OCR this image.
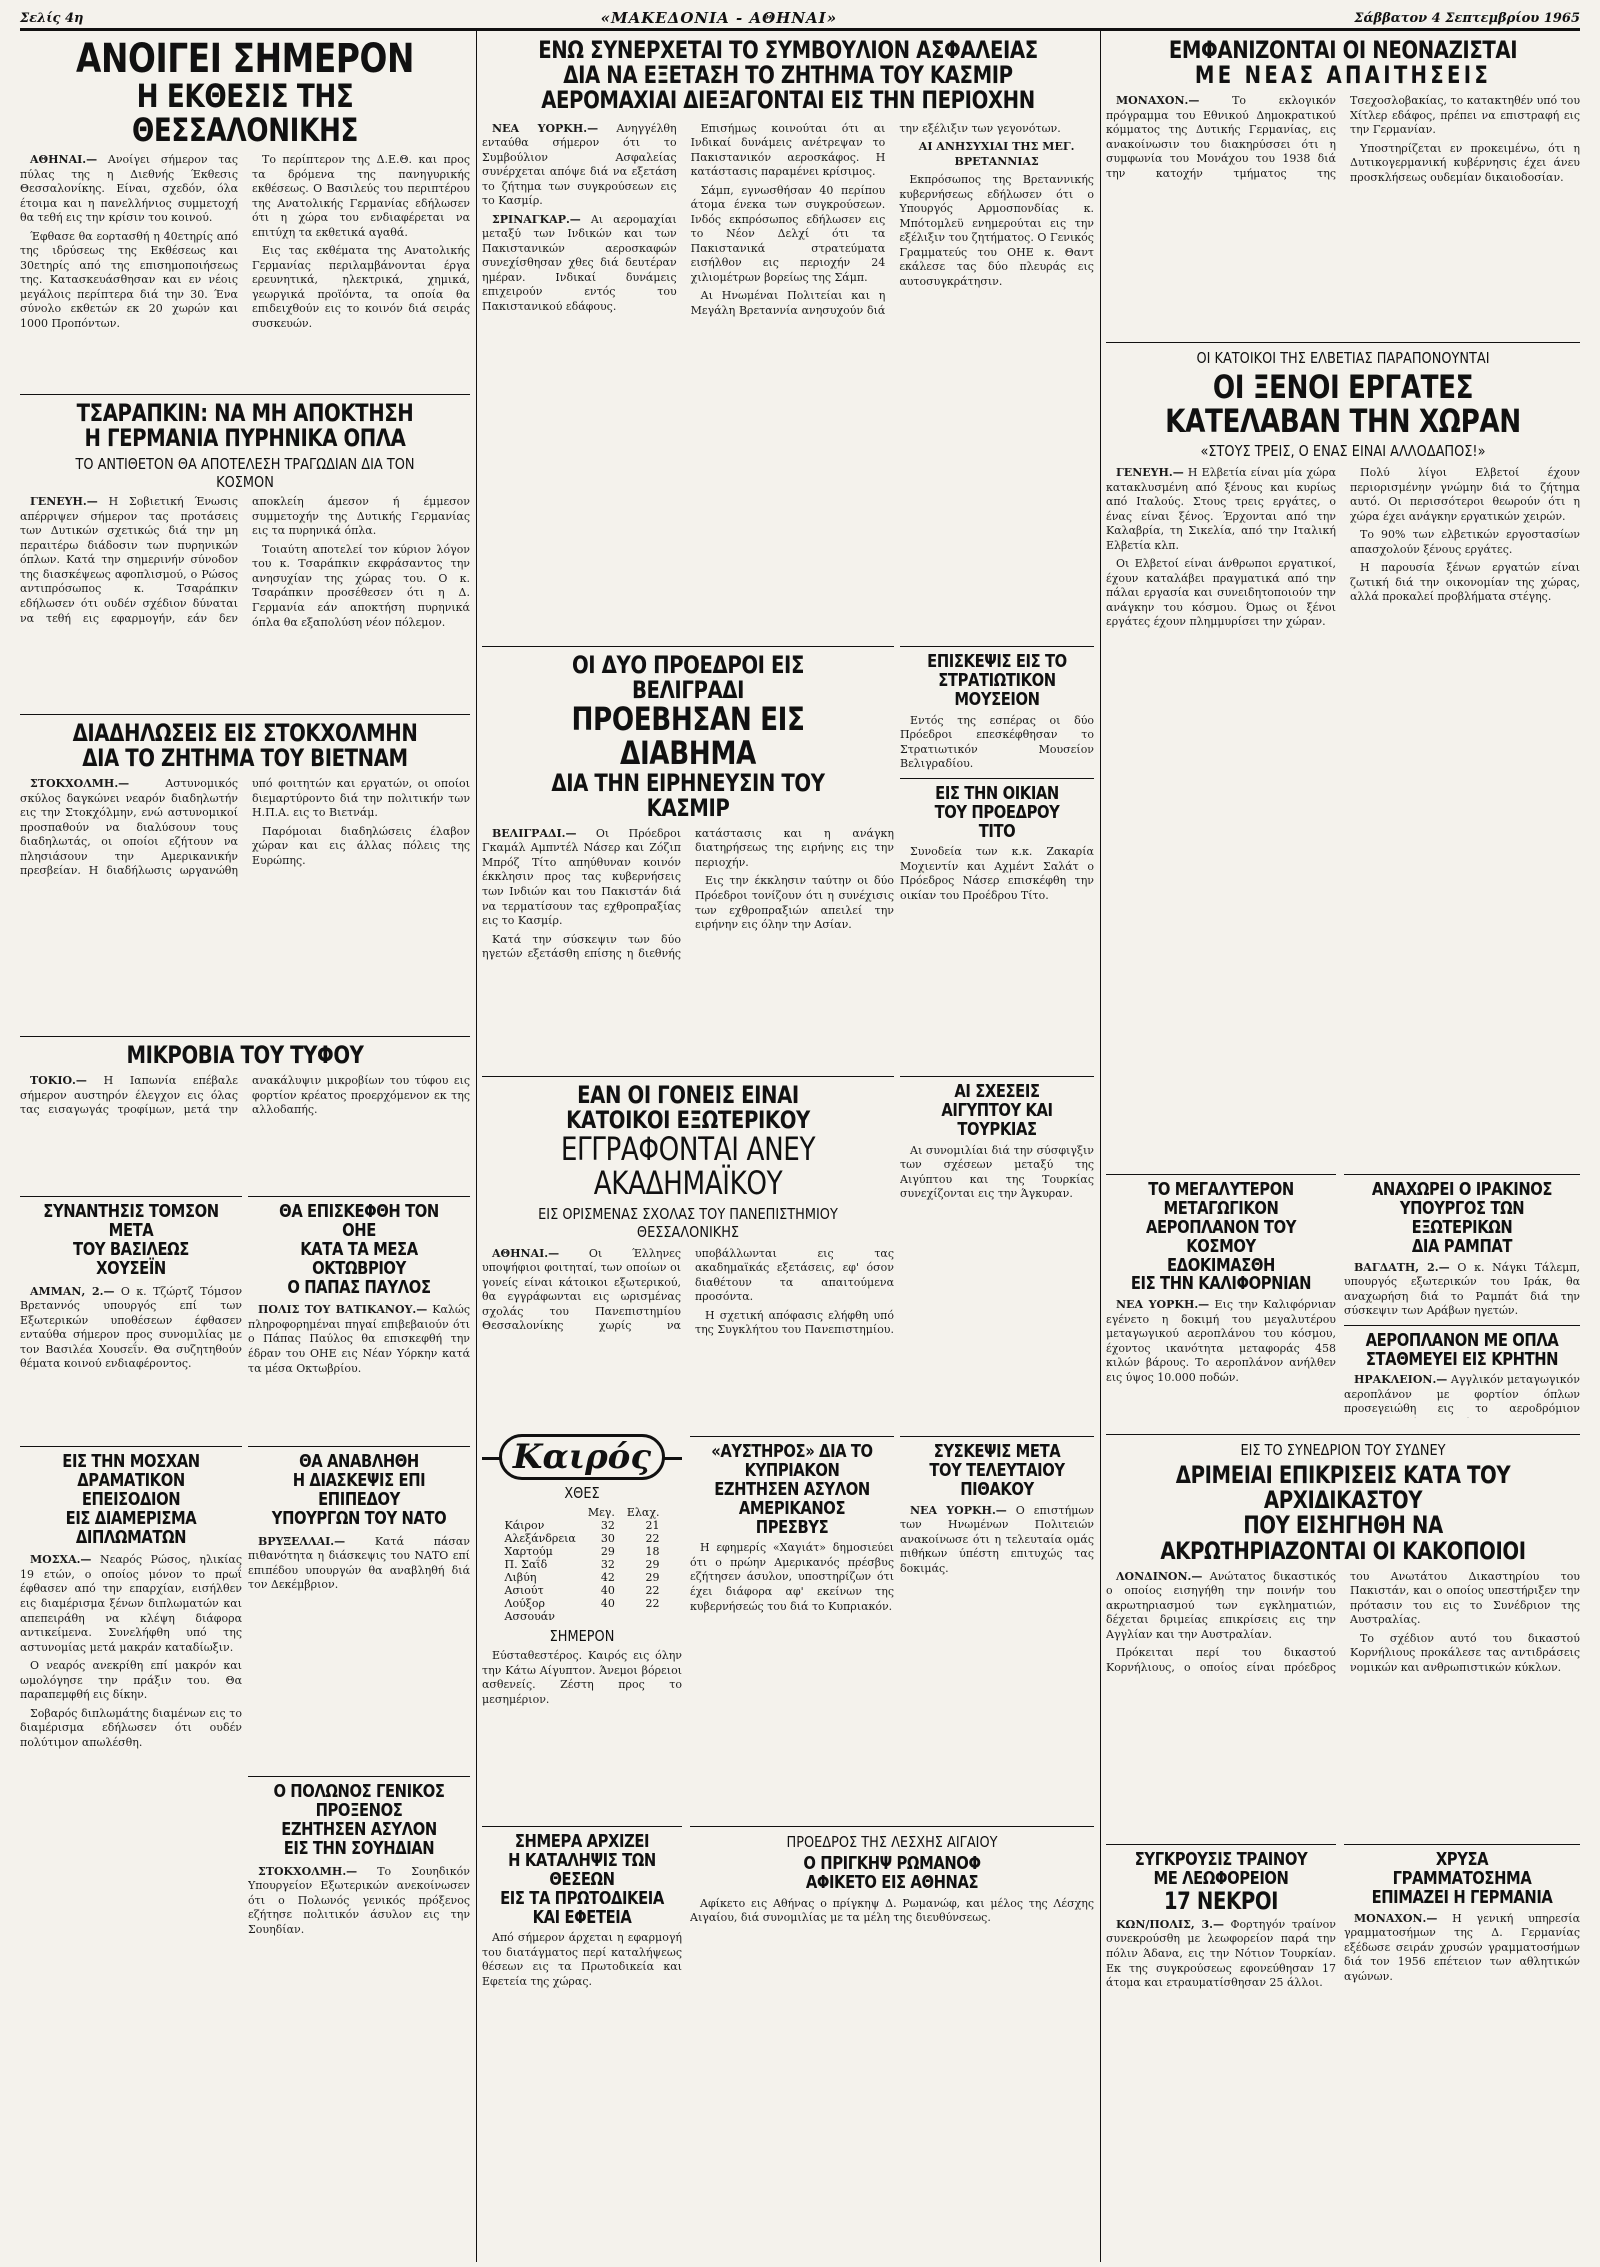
Σελίς 4η	«ΜΑΚΕΔΟΝΙΑ - ΑΘΗΝΑΙ»	Σάββατον 4 Σεπτεμβρίου 1965
ΑΝΟΙΓΕΙ ΣΗΜΕΡΟΝ
Η ΕΚΘΕΣΙΣ ΤΗΣ ΘΕΣΣΑΛΟΝΙΚΗΣ

ΑΘΗΝΑΙ.— Ανοίγει σήμερον τας πύλας της η Διεθνής Έκθεσις Θεσσαλονίκης. Είναι, σχεδόν, όλα έτοιμα και η πανελλήνιος συμμετοχή θα τεθή εις την κρίσιν του κοινού.

Έφθασε θα εορτασθή η 40ετηρίς από της ιδρύσεως της Εκθέσεως και 30ετηρίς από της επισημοποιήσεως της. Κατασκευάσθησαν και εν νέοις μεγάλοις περίπτερα διά την 30. Ένα σύνολο εκθετών εκ 20 χωρών και 1000 Προπόντων.

Το περίπτερον της Δ.Ε.Θ. και προς τα δρόμενα της πανηγυρικής εκθέσεως. Ο Βασιλεύς του περιπτέρου της Ανατολικής Γερμανίας εδήλωσεν ότι η χώρα του ενδιαφέρεται να επιτύχη τα εκθετικά αγαθά.

Εις τας εκθέματα της Ανατολικής Γερμανίας περιλαμβάνονται έργα ερευνητικά, ηλεκτρικά, χημικά, γεωργικά προϊόντα, τα οποία θα επιδειχθούν εις το κοινόν διά σειράς συσκευών.

ΤΣΑΡΑΠΚΙΝ: ΝΑ ΜΗ ΑΠΟΚΤΗΣΗ
Η ΓΕΡΜΑΝΙΑ ΠΥΡΗΝΙΚΑ ΟΠΛΑ
ΤΟ ΑΝΤΙΘΕΤΟΝ ΘΑ ΑΠΟΤΕΛΕΣΗ ΤΡΑΓΩΔΙΑΝ ΔΙΑ ΤΟΝ ΚΟΣΜΟΝ

ΓΕΝΕΥΗ.— Η Σοβιετική Ένωσις απέρριψεν σήμερον τας προτάσεις των Δυτικών σχετικώς διά την μη περαιτέρω διάδοσιν των πυρηνικών όπλων. Κατά την σημερινήν σύνοδον της διασκέψεως αφοπλισμού, ο Ρώσος αντιπρόσωπος κ. Τσαράπκιν εδήλωσεν ότι ουδέν σχέδιον δύναται να τεθή εις εφαρμογήν, εάν δεν αποκλείη άμεσον ή έμμεσον συμμετοχήν της Δυτικής Γερμανίας εις τα πυρηνικά όπλα.

Τοιαύτη αποτελεί τον κύριον λόγον του κ. Τσαράπκιν εκφράσαντος την ανησυχίαν της χώρας του. Ο κ. Τσαράπκιν προσέθεσεν ότι η Δ. Γερμανία εάν αποκτήση πυρηνικά όπλα θα εξαπολύση νέον πόλεμον.

ΔΙΑΔΗΛΩΣΕΙΣ ΕΙΣ ΣΤΟΚΧΟΛΜΗΝ ΔΙΑ ΤΟ ΖΗΤΗΜΑ ΤΟΥ ΒΙΕΤΝΑΜ

ΣΤΟΚΧΟΛΜΗ.—	Αστυνομικός σκύλος δαγκώνει νεαρόν διαδηλωτήν εις την Στοκχόλμην, ενώ αστυνομικοί προσπαθούν να διαλύσουν τους διαδηλωτάς, οι οποίοι εζήτουν να πλησιάσουν την Αμερικανικήν πρεσβείαν. Η διαδήλωσις ωργανώθη υπό φοιτητών και εργατών, οι οποίοι διεμαρτύροντο διά την πολιτικήν των Η.Π.Α. εις το Βιετνάμ.

Παρόμοιαι διαδηλώσεις έλαβον χώραν και εις άλλας πόλεις της Ευρώπης.

ΜΙΚΡΟΒΙΑ ΤΟΥ ΤΥΦΟΥ

ΤΟΚΙΟ.— Η Ιαπωνία επέβαλε σήμερον αυστηρόν έλεγχον εις όλας τας εισαγωγάς τροφίμων, μετά την ανακάλυψιν μικροβίων του τύφου εις φορτίον κρέατος προερχόμενον εκ της αλλοδαπής.

ΣΥΝΑΝΤΗΣΙΣ ΤΟΜΣΟΝ ΜΕΤΑ
ΤΟΥ ΒΑΣΙΛΕΩΣ ΧΟΥΣΕΪΝ

ΑΜΜΑΝ, 2.— Ο κ. Τζώρτζ Τόμσον Βρεταννός υπουργός επί των Εξωτερικών υποθέσεων έφθασεν ενταύθα σήμερον προς συνομιλίας με τον Βασιλέα Χουσεΐν. Θα συζητηθούν θέματα κοινού ενδιαφέροντος.

ΘΑ ΕΠΙΣΚΕΦΘΗ ΤΟΝ ΟΗΕ
ΚΑΤΑ ΤΑ ΜΕΣΑ ΟΚΤΩΒΡΙΟΥ
Ο ΠΑΠΑΣ ΠΑΥΛΟΣ

ΠΟΛΙΣ ΤΟΥ ΒΑΤΙΚΑΝΟΥ.— Καλώς πληροφορημέναι πηγαί επιβεβαιούν ότι ο Πάπας Παύλος θα επισκεφθή την έδραν του ΟΗΕ εις Νέαν Υόρκην κατά τα μέσα Οκτωβρίου.

ΕΙΣ ΤΗΝ ΜΟΣΧΑΝ
ΔΡΑΜΑΤΙΚΟΝ ΕΠΕΙΣΟΔΙΟΝ
ΕΙΣ ΔΙΑΜΕΡΙΣΜΑ ΔΙΠΛΩΜΑΤΩΝ

ΜΟΣΧΑ.— Νεαρός Ρώσος, ηλικίας 19 ετών, ο οποίος μόνον το πρωΐ έφθασεν από την επαρχίαν, εισήλθεν εις διαμέρισμα ξένων διπλωματών και απεπειράθη να κλέψη διάφορα αντικείμενα. Συνελήφθη υπό της αστυνομίας μετά μακράν καταδίωξιν.

Ο νεαρός ανεκρίθη επί μακρόν και ωμολόγησε την πράξιν του. Θα παραπεμφθή εις δίκην.

Σοβαρός διπλωμάτης διαμένων εις το διαμέρισμα εδήλωσεν ότι ουδέν πολύτιμον απωλέσθη.

ΘΑ ΑΝΑΒΛΗΘΗ
Η ΔΙΑΣΚΕΨΙΣ ΕΠΙ ΕΠΙΠΕΔΟΥ
ΥΠΟΥΡΓΩΝ ΤΟΥ ΝΑΤΟ

ΒΡΥΞΕΛΛΑΙ.—	Κατά πάσαν πιθανότητα η διάσκεψις του ΝΑΤΟ επί επιπέδου υπουργών θα αναβληθή διά τον Δεκέμβριον.

Ο ΠΟΛΩΝΟΣ ΓΕΝΙΚΟΣ ΠΡΟΞΕΝΟΣ
ΕΖΗΤΗΣΕΝ ΑΣΥΛΟΝ
ΕΙΣ ΤΗΝ ΣΟΥΗΔΙΑΝ

ΣΤΟΚΧΟΛΜΗ.— Το Σουηδικόν Υπουργείον Εξωτερικών ανεκοίνωσεν ότι ο Πολωνός γενικός πρόξενος εζήτησε πολιτικόν άσυλον εις την Σουηδίαν.

ΕΝΩ ΣΥΝΕΡΧΕΤΑΙ ΤΟ ΣΥΜΒΟΥΛΙΟΝ ΑΣΦΑΛΕΙΑΣ
ΔΙΑ ΝΑ ΕΞΕΤΑΣΗ ΤΟ ΖΗΤΗΜΑ ΤΟΥ ΚΑΣΜΙΡ
ΑΕΡΟΜΑΧΙΑΙ ΔΙΕΞΑΓΟΝΤΑΙ ΕΙΣ ΤΗΝ ΠΕΡΙΟΧΗΝ

ΝΕΑ ΥΟΡΚΗ.— Ανηγγέλθη ενταύθα σήμερον ότι το Συμβούλιον Ασφαλείας συνέρχεται απόψε διά να εξετάση το ζήτημα των συγκρούσεων εις το Κασμίρ.

ΣΡΙΝΑΓΚΑΡ.— Αι αερομαχίαι μεταξύ των Ινδικών και των Πακιστανικών αεροσκαφών συνεχίσθησαν χθες διά δευτέραν ημέραν. Ινδικαί δυνάμεις επιχειρούν εντός του Πακιστανικού εδάφους.

Επισήμως κοινούται ότι αι Ινδικαί δυνάμεις ανέτρεψαν το Πακιστανικόν αεροσκάφος. Η κατάστασις παραμένει κρίσιμος.

Σάμπ, εγνωσθήσαν 40 περίπου άτομα ένεκα των συγκρούσεων. Ινδός εκπρόσωπος εδήλωσεν εις το Νέον Δελχί ότι τα Πακιστανικά στρατεύματα εισήλθον εις περιοχήν 24 χιλιομέτρων βορείως της Σάμπ.

Αι Ηνωμέναι Πολιτείαι και η Μεγάλη Βρεταννία ανησυχούν διά την εξέλιξιν των γεγονότων.

ΑΙ ΑΝΗΣΥΧΙΑΙ ΤΗΣ ΜΕΓ. ΒΡΕΤΑΝΝΙΑΣ

Εκπρόσωπος της Βρεταννικής κυβερνήσεως εδήλωσεν ότι ο Υπουργός Αρμοσπονδίας κ. Μπότομλεϋ ενημερούται εις την εξέλιξιν του ζητήματος. Ο Γενικός Γραμματεύς του ΟΗΕ κ. Θαντ εκάλεσε τας δύο πλευράς εις αυτοσυγκράτησιν.

ΟΙ ΔΥΟ ΠΡΟΕΔΡΟΙ ΕΙΣ ΒΕΛΙΓΡΑΔΙ
ΠΡΟΕΒΗΣΑΝ ΕΙΣ ΔΙΑΒΗΜΑ
ΔΙΑ ΤΗΝ ΕΙΡΗΝΕΥΣΙΝ ΤΟΥ ΚΑΣΜΙΡ

ΒΕΛΙΓΡΑΔΙ.— Οι Πρόεδροι Γκαμάλ Αμπντέλ Νάσερ και Ζόζιπ Μπρόζ Τίτο απηύθυναν κοινόν έκκλησιν προς τας κυβερνήσεις των Ινδιών και του Πακιστάν διά να τερματίσουν τας εχθροπραξίας εις το Κασμίρ.

Κατά την σύσκεψιν των δύο ηγετών εξετάσθη επίσης η διεθνής κατάστασις και η ανάγκη διατηρήσεως της ειρήνης εις την περιοχήν.

Εις την έκκλησιν ταύτην οι δύο Πρόεδροι τονίζουν ότι η συνέχισις των εχθροπραξιών απειλεί την ειρήνην εις όλην την Ασίαν.

ΕΠΙΣΚΕΨΙΣ ΕΙΣ ΤΟ
ΣΤΡΑΤΙΩΤΙΚΟΝ ΜΟΥΣΕΙΟΝ

Εντός της εσπέρας οι δύο Πρόεδροι επεσκέφθησαν το Στρατιωτικόν Μουσείον Βελιγραδίου.

ΕΙΣ ΤΗΝ ΟΙΚΙΑΝ ΤΟΥ ΠΡΟΕΔΡΟΥ ΤΙΤΟ

Συνοδεία των κ.κ. Ζακαρία Μοχιεντίν και Αχμέντ Σαλάτ ο Πρόεδρος Νάσερ επισκέφθη την οικίαν του Προέδρου Τίτο.

ΕΑΝ ΟΙ ΓΟΝΕΙΣ ΕΙΝΑΙ
ΚΑΤΟΙΚΟΙ ΕΞΩΤΕΡΙΚΟΥ
ΕΓΓΡΑΦΟΝΤΑΙ ΑΝΕΥ ΑΚΑΔΗΜΑΪΚΟΥ
ΕΙΣ ΟΡΙΣΜΕΝΑΣ ΣΧΟΛΑΣ ΤΟΥ ΠΑΝΕΠΙΣΤΗΜΙΟΥ ΘΕΣΣΑΛΟΝΙΚΗΣ

ΑΘΗΝΑΙ.—	Οι Έλληνες υποψήφιοι φοιτηταί, των οποίων οι γονείς είναι κάτοικοι εξωτερικού, θα εγγράφωνται εις ωρισμένας σχολάς του Πανεπιστημίου Θεσσαλονίκης χωρίς να υποβάλλωνται εις τας ακαδημαϊκάς εξετάσεις, εφ' όσον διαθέτουν τα απαιτούμενα προσόντα.

Η σχετική απόφασις ελήφθη υπό της Συγκλήτου του Πανεπιστημίου.

ΑΙ ΣΧΕΣΕΙΣ ΑΙΓΥΠΤΟΥ ΚΑΙ ΤΟΥΡΚΙΑΣ

Αι συνομιλίαι διά την σύσφιγξιν των σχέσεων μεταξύ της Αιγύπτου και της Τουρκίας συνεχίζονται εις την Άγκυραν.

Καιρός
ΧΘΕΣ
	Μεγ.	Ελαχ.
Κάιρον	32	21
Αλεξάνδρεια	30	22
Χαρτούμ	29	18
Π. Σαΐδ	32	29
Λιβύη	42	29
Ασιούτ	40	22
Λούξορ	40	22
Ασσουάν		
ΣΗΜΕΡΟΝ

Εύσταθεστέρος. Καιρός εις όλην την Κάτω Αίγυπτον. Άνεμοι βόρειοι ασθενείς. Ζέστη προς το μεσημέριον.

«ΑΥΣΤΗΡΟΣ» ΔΙΑ ΤΟ ΚΥΠΡΙΑΚΟΝ
ΕΖΗΤΗΣΕΝ ΑΣΥΛΟΝ
ΑΜΕΡΙΚΑΝΟΣ ΠΡΕΣΒΥΣ

Η εφημερίς «Χαγιάτ» δημοσιεύει ότι ο πρώην Αμερικανός πρέσβυς εζήτησεν άσυλον, υποστηρίζων ότι έχει διάφορα αφ' εκείνων της κυβερνήσεώς του διά το Κυπριακόν.

ΣΥΣΚΕΨΙΣ ΜΕΤΑ
ΤΟΥ ΤΕΛΕΥΤΑΙΟΥ ΠΙΘΑΚΟΥ

ΝΕΑ ΥΟΡΚΗ.— Ο επιστήμων των Ηνωμένων Πολιτειών ανακοίνωσε ότι η τελευταία ομάς πιθήκων ύπέστη επιτυχώς τας δοκιμάς.

ΣΗΜΕΡΑ ΑΡΧΙΖΕΙ
Η ΚΑΤΑΛΗΨΙΣ ΤΩΝ ΘΕΣΕΩΝ
ΕΙΣ ΤΑ ΠΡΩΤΟΔΙΚΕΙΑ
ΚΑΙ ΕΦΕΤΕΙΑ

Από σήμερον άρχεται η εφαρμογή του διατάγματος περί καταλήψεως θέσεων εις τα Πρωτοδικεία και Εφετεία της χώρας.

ΠΡΟΕΔΡΟΣ ΤΗΣ ΛΕΣΧΗΣ ΑΙΓΑΙΟΥ
Ο ΠΡΙΓΚΗΨ ΡΩΜΑΝΟΦ
ΑΦΙΚΕΤΟ ΕΙΣ ΑΘΗΝΑΣ

Αφίκετο εις Αθήνας ο πρίγκηψ Δ. Ρωμανώφ, και μέλος της Λέσχης Αιγαίου, διά συνομιλίας με τα μέλη της διευθύνσεως.

ΕΜΦΑΝΙΖΟΝΤΑΙ ΟΙ ΝΕΟΝΑΖΙΣΤΑΙ
ΜΕ ΝΕΑΣ ΑΠΑΙΤΗΣΕΙΣ

ΜΟΝΑΧΟΝ.—	Το εκλογικόν πρόγραμμα του Εθνικού Δημοκρατικού κόμματος της Δυτικής Γερμανίας, εις ανακοίνωσιν του διακηρύσσει ότι η συμφωνία του Μονάχου του 1938 διά την κατοχήν τμήματος της Τσεχοσλοβακίας, το κατακτηθέν υπό του Χίτλερ εδάφος, πρέπει να επιστραφή εις την Γερμανίαν.

Υποστηρίζεται εν προκειμένω, ότι η Δυτικογερμανική κυβέρνησις έχει άνευ προσκλήσεως ουδεμίαν δικαιοδοσίαν.

ΟΙ ΚΑΤΟΙΚΟΙ ΤΗΣ ΕΛΒΕΤΙΑΣ ΠΑΡΑΠΟΝΟΥΝΤΑΙ
ΟΙ ΞΕΝΟΙ ΕΡΓΑΤΕΣ ΚΑΤΕΛΑΒΑΝ ΤΗΝ ΧΩΡΑΝ
«ΣΤΟΥΣ ΤΡΕΙΣ, Ο ΕΝΑΣ ΕΙΝΑΙ ΑΛΛΟΔΑΠΟΣ!»

ΓΕΝΕΥΗ.— Η Ελβετία είναι μία χώρα κατακλυσμένη από ξένους και κυρίως από Ιταλούς. Στους τρεις εργάτες, ο ένας είναι ξένος. Έρχονται από την Καλαβρία, τη Σικελία, από την Ιταλική Ελβετία κλπ.

Οι Ελβετοί είναι άνθρωποι εργατικοί, έχουν καταλάβει πραγματικά από την πάλαι εργασία και συνειδητοποιούν την ανάγκην του κόσμου. Όμως οι ξένοι εργάτες έχουν πλημμυρίσει την χώραν.

Πολύ λίγοι Ελβετοί έχουν περιορισμένην γνώμην διά το ζήτημα αυτό. Οι περισσότεροι θεωρούν ότι η χώρα έχει ανάγκην εργατικών χειρών.

Το 90% των ελβετικών εργοστασίων απασχολούν ξένους εργάτες.

Η παρουσία ξένων εργατών είναι ζωτική διά την οικονομίαν της χώρας, αλλά προκαλεί προβλήματα στέγης.

ΤΟ ΜΕΓΑΛΥΤΕΡΟΝ ΜΕΤΑΓΩΓΙΚΟΝ
ΑΕΡΟΠΛΑΝΟΝ ΤΟΥ ΚΟΣΜΟΥ
ΕΔΟΚΙΜΑΣΘΗ
ΕΙΣ ΤΗΝ ΚΑΛΙΦΟΡΝΙΑΝ

ΝΕΑ ΥΟΡΚΗ.— Εις την Καλιφόρνιαν εγένετο η δοκιμή του μεγαλυτέρου μεταγωγικού αεροπλάνου του κόσμου, έχοντος ικανότητα μεταφοράς 458 κιλών βάρους. Το αεροπλάνον ανήλθεν εις ύψος 10.000 ποδών.

ΑΝΑΧΩΡΕΙ Ο ΙΡΑΚΙΝΟΣ
ΥΠΟΥΡΓΟΣ ΤΩΝ ΕΞΩΤΕΡΙΚΩΝ
ΔΙΑ ΡΑΜΠΑΤ

ΒΑΓΔΑΤΗ, 2.— Ο κ. Νάγκι Τάλεμπ, υπουργός εξωτερικών του Ιράκ, θα αναχωρήση διά το Ραμπάτ διά την σύσκεψιν των Αράβων ηγετών.

ΑΕΡΟΠΛΑΝΟΝ ΜΕ ΟΠΛΑ
ΣΤΑΘΜΕΥΕΙ ΕΙΣ ΚΡΗΤΗΝ

ΗΡΑΚΛΕΙΟΝ.— Αγγλικόν μεταγωγικόν αεροπλάνον με φορτίον όπλων προσεγειώθη εις το αεροδρόμιον

ΕΙΣ ΤΟ ΣΥΝΕΔΡΙΟΝ ΤΟΥ ΣΥΔΝΕΥ
ΔΡΙΜΕΙΑΙ ΕΠΙΚΡΙΣΕΙΣ ΚΑΤΑ ΤΟΥ ΑΡΧΙΔΙΚΑΣΤΟΥ
ΠΟΥ ΕΙΣΗΓΗΘΗ ΝΑ ΑΚΡΩΤΗΡΙΑΖΟΝΤΑΙ ΟΙ ΚΑΚΟΠΟΙΟΙ

ΛΟΝΔΙΝΟΝ.— Ανώτατος δικαστικός ο οποίος εισηγήθη την ποινήν του ακρωτηριασμού των εγκληματιών, δέχεται δριμείας επικρίσεις εις την Αγγλίαν και την Αυστραλίαν.

Πρόκειται περί του δικαστού Κορνήλιους, ο οποίος είναι πρόεδρος του Ανωτάτου Δικαστηρίου του Πακιστάν, και ο οποίος υπεστήριξεν την πρότασιν του εις το Συνέδριον της Αυστραλίας.

Το σχέδιον αυτό του δικαστού Κορνήλιους προκάλεσε τας αντιδράσεις νομικών και ανθρωπιστικών κύκλων.

ΣΥΓΚΡΟΥΣΙΣ ΤΡΑΙΝΟΥ
ΜΕ ΛΕΩΦΟΡΕΙΟΝ
17 ΝΕΚΡΟΙ

ΚΩΝ/ΠΟΛΙΣ, 3.— Φορτηγόν τραίνον συνεκρούσθη με λεωφορείον παρά την πόλιν Άδανα, εις την Νότιον Τουρκίαν. Εκ της συγκρούσεως εφονεύθησαν 17 άτομα και ετραυματίσθησαν 25 άλλοι.

ΧΡΥΣΑ ΓΡΑΜΜΑΤΟΣΗΜΑ
ΕΠΙΜΑΖΕΙ Η ΓΕΡΜΑΝΙΑ

ΜΟΝΑΧΟΝ.— Η γενική υπηρεσία γραμματοσήμων της Δ. Γερμανίας εξέδωσε σειράν χρυσών γραμματοσήμων διά τον 1956 επέτειον των αθλητικών αγώνων.
